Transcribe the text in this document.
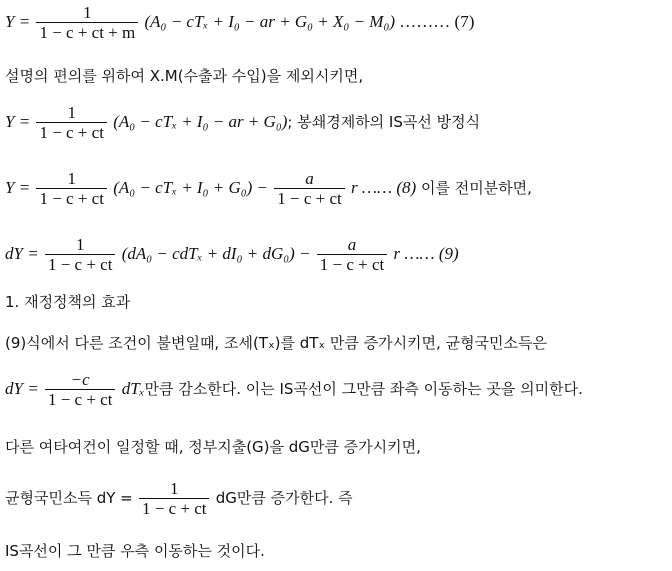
$Y = \frac{1}{1 - c + ct + m} (A_0 - cT_x + I_0$ − ar + G₀ + X₀ − M₀) ……… (7)
설명의 편의를 위하여 X.M(수출과 수입)을 제외시키면,
$Y = \frac{1}{1 - c + ct} (A_0 - cT_x + I_0$ − ar + G₀); 봉쇄경제하의 IS곡선 방정식
$Y = \frac{1}{1 - c + ct} (A_0 - cT_x + I_0 + G_0) - \frac{a}{1 - c + ct}$ r …… (8) 이를 전미분하면,
dY = $\frac{1}{1 - c + ct} (dA_0 - cdT_x + dI_0 + dG_0) - \frac{a}{1 - c + ct}$ r …… (9)
1. 재정정책의 효과
(9)식에서 다른 조건이 불변일때, 조세(Tₓ)를 dTₓ 만큼 증가시키면, 균형국민소득은
dY = $\frac{-c}{1 - c + ct}$ dTₓ만큼 감소한다. 이는 IS곡선이 그만큼 좌측 이동하는 곳을 의미한다.
다른 여타여건이 일정할 때, 정부지출(G)을 dG만큼 증가시키면,
균형국민소득 dY = $\frac{1}{1 - c + ct}$ dG만큼 증가한다. 즉
IS곡선이 그 만큼 우측 이동하는 것이다.
